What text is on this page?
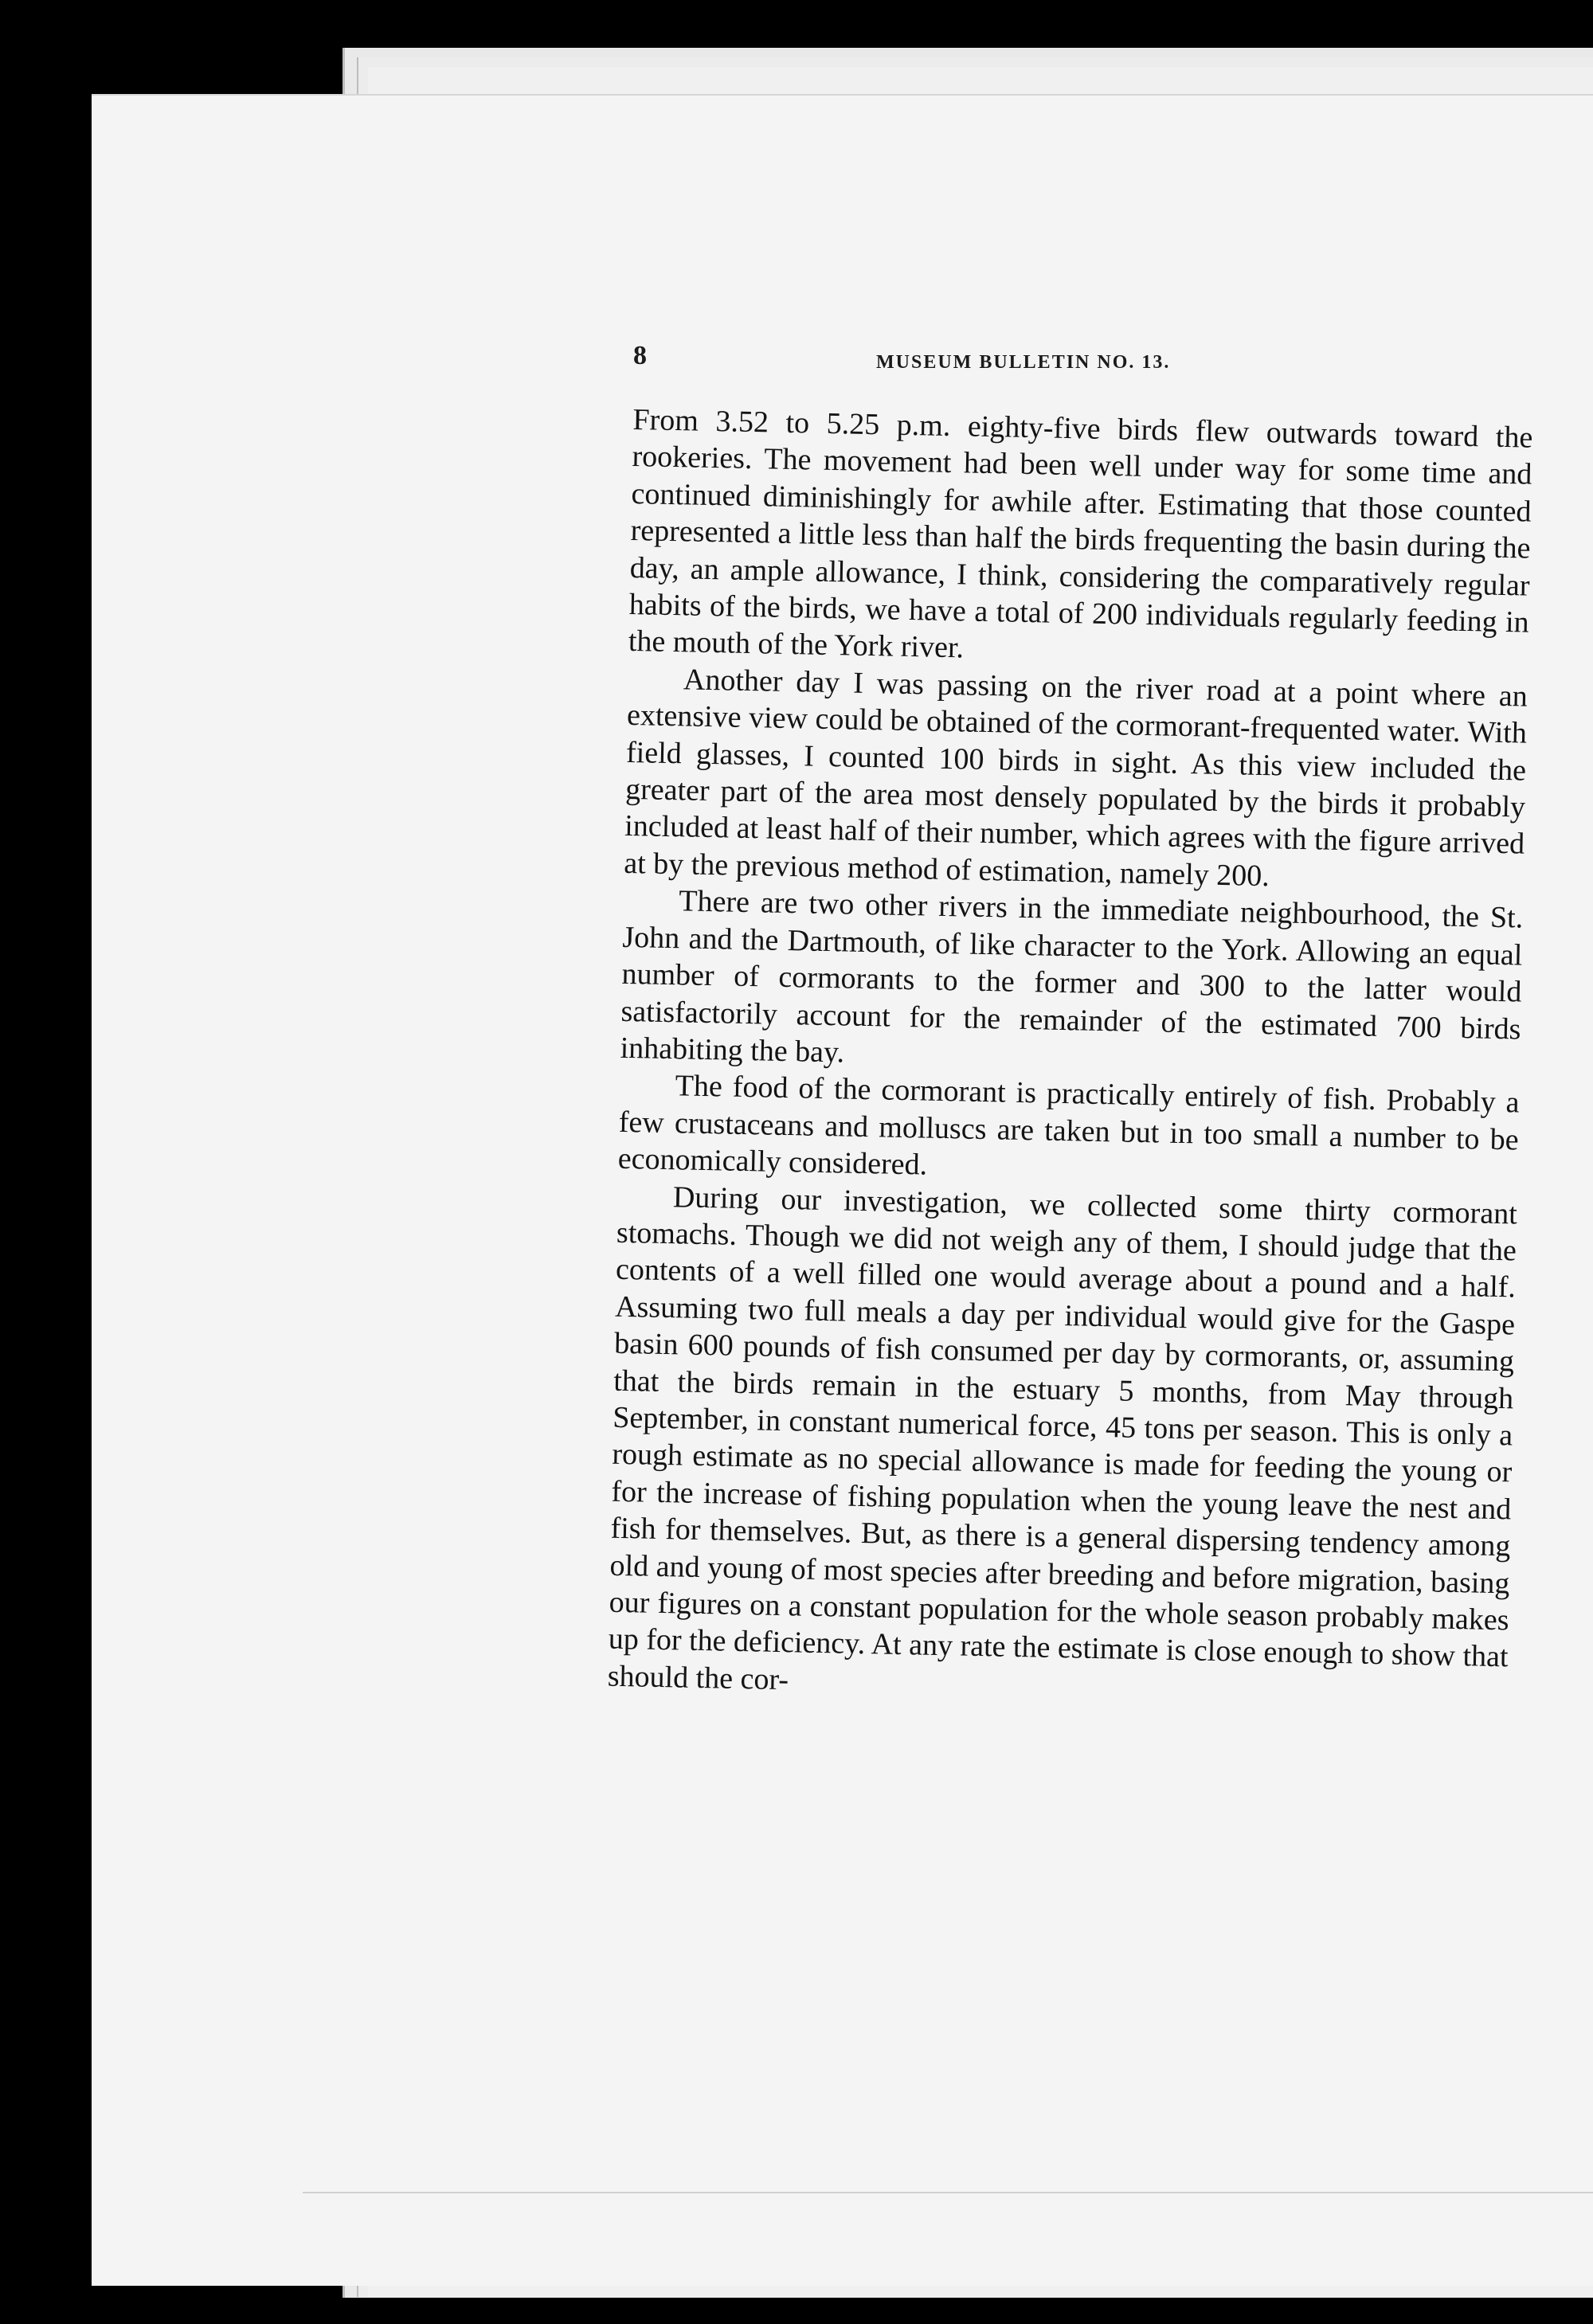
8	MUSEUM BULLETIN NO. 13.

From 3.52 to 5.25 p.m. eighty-five birds flew outwards toward the rookeries. The movement had been well under way for some time and continued diminishingly for awhile after. Estimating that those counted represented a little less than half the birds frequenting the basin during the day, an ample allowance, I think, considering the comparatively regular habits of the birds, we have a total of 200 individuals regularly feeding in the mouth of the York river.

Another day I was passing on the river road at a point where an extensive view could be obtained of the cormorant-frequented water. With field glasses, I counted 100 birds in sight. As this view included the greater part of the area most densely populated by the birds it probably included at least half of their number, which agrees with the figure arrived at by the previous method of estimation, namely 200.

There are two other rivers in the immediate neighbourhood, the St. John and the Dartmouth, of like character to the York. Allowing an equal number of cormorants to the former and 300 to the latter would satisfactorily account for the remainder of the estimated 700 birds inhabiting the bay.

The food of the cormorant is practically entirely of fish. Probably a few crustaceans and molluscs are taken but in too small a number to be economically considered.

During our investigation, we collected some thirty cormorant stomachs. Though we did not weigh any of them, I should judge that the contents of a well filled one would average about a pound and a half. Assuming two full meals a day per individual would give for the Gaspe basin 600 pounds of fish consumed per day by cormorants, or, assuming that the birds remain in the estuary 5 months, from May through September, in constant numerical force, 45 tons per season. This is only a rough estimate as no special allowance is made for feeding the young or for the increase of fishing population when the young leave the nest and fish for themselves. But, as there is a general dispersing tendency among old and young of most species after breeding and before migration, basing our figures on a constant population for the whole season probably makes up for the deficiency. At any rate the estimate is close enough to show that should the cor-
